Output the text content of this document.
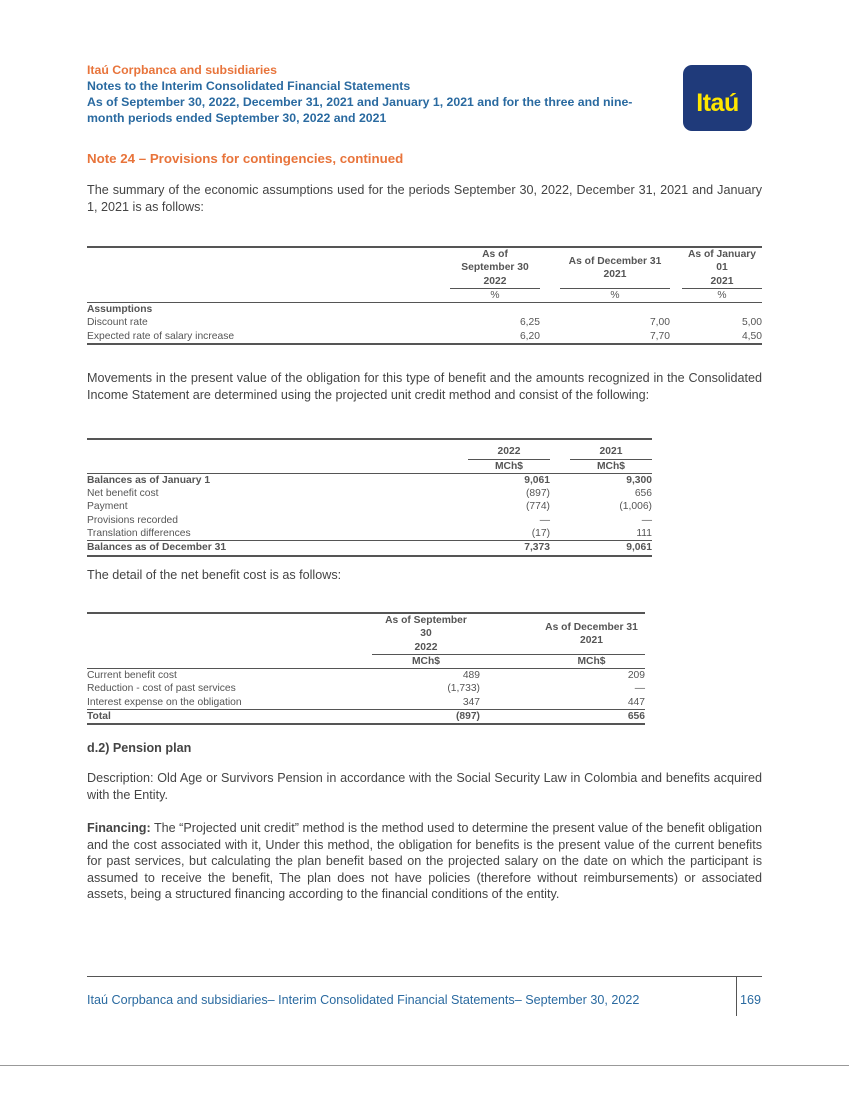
Itaú Corpbanca and subsidiaries
Notes to the Interim Consolidated Financial Statements
As of September 30, 2022, December 31, 2021 and January 1, 2021 and for the three and nine-
month periods ended September 30, 2022 and 2021
Itaú
Note 24 – Provisions for contingencies, continued
The summary of the economic assumptions used for the periods September 30, 2022, December 31, 2021 and January 1, 2021 is as follows:
	As of
September 30
2022		As of December 31
2021		As of January
01
2021
	%		%		%
Assumptions					
Discount rate	6,25		7,00		5,00
Expected rate of salary increase	6,20		7,70		4,50
Movements in the present value of the obligation for this type of benefit and the amounts recognized in the Consolidated Income Statement are determined using the projected unit credit method and consist of the following:
	2022		2021
	MCh$		MCh$
Balances as of January 1	9,061		9,300
Net benefit cost	(897)		656
Payment	(774)		(1,006)
Provisions recorded	—		—
Translation differences	(17)		111
Balances as of December 31	7,373		9,061
The detail of the net benefit cost is as follows:
	As of September
30
2022		As of December 31
2021
	MCh$		MCh$
Current benefit cost	489		209
Reduction - cost of past services	(1,733)		—
Interest expense on the obligation	347		447
Total	(897)		656
d.2) Pension plan
Description: Old Age or Survivors Pension in accordance with the Social Security Law in Colombia and benefits acquired with the Entity.
Financing: The “Projected unit credit” method is the method used to determine the present value of the benefit obligation and the cost associated with it, Under this method, the obligation for benefits is the present value of the current benefits for past services, but calculating the plan benefit based on the projected salary on the date on which the participant is assumed to receive the benefit, The plan does not have policies (therefore without reimbursements) or associated assets, being a structured financing according to the financial conditions of the entity.
Itaú Corpbanca and subsidiaries– Interim Consolidated Financial Statements– September 30, 2022	169
